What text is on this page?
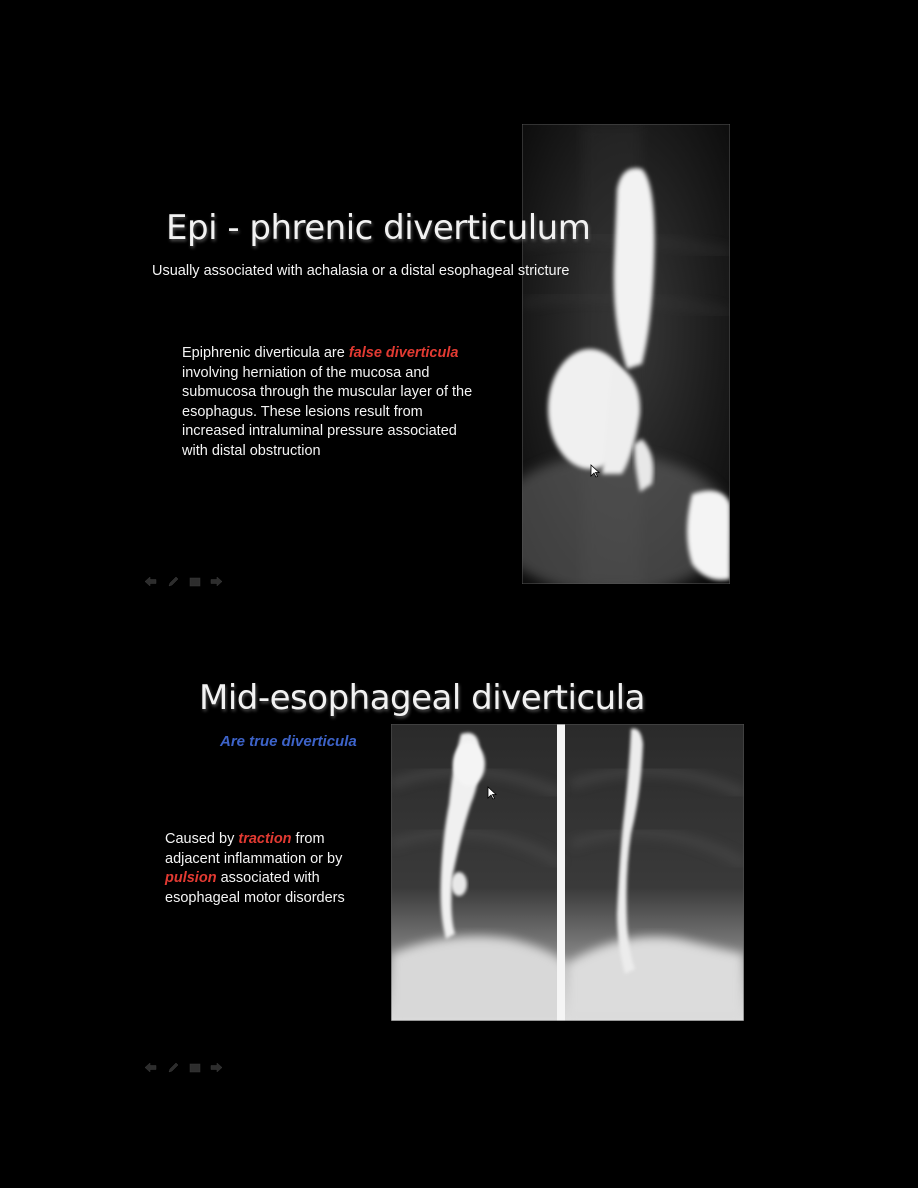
Epi - phrenic diverticulum
Usually associated with achalasia or a distal esophageal stricture
Epiphrenic diverticula are false diverticula involving herniation of the mucosa and submucosa through the muscular layer of the esophagus. These lesions result from increased intraluminal pressure associated with distal obstruction
Mid-esophageal diverticula
Are true diverticula
Caused by traction from adjacent inflammation or by pulsion associated with esophageal motor disorders
